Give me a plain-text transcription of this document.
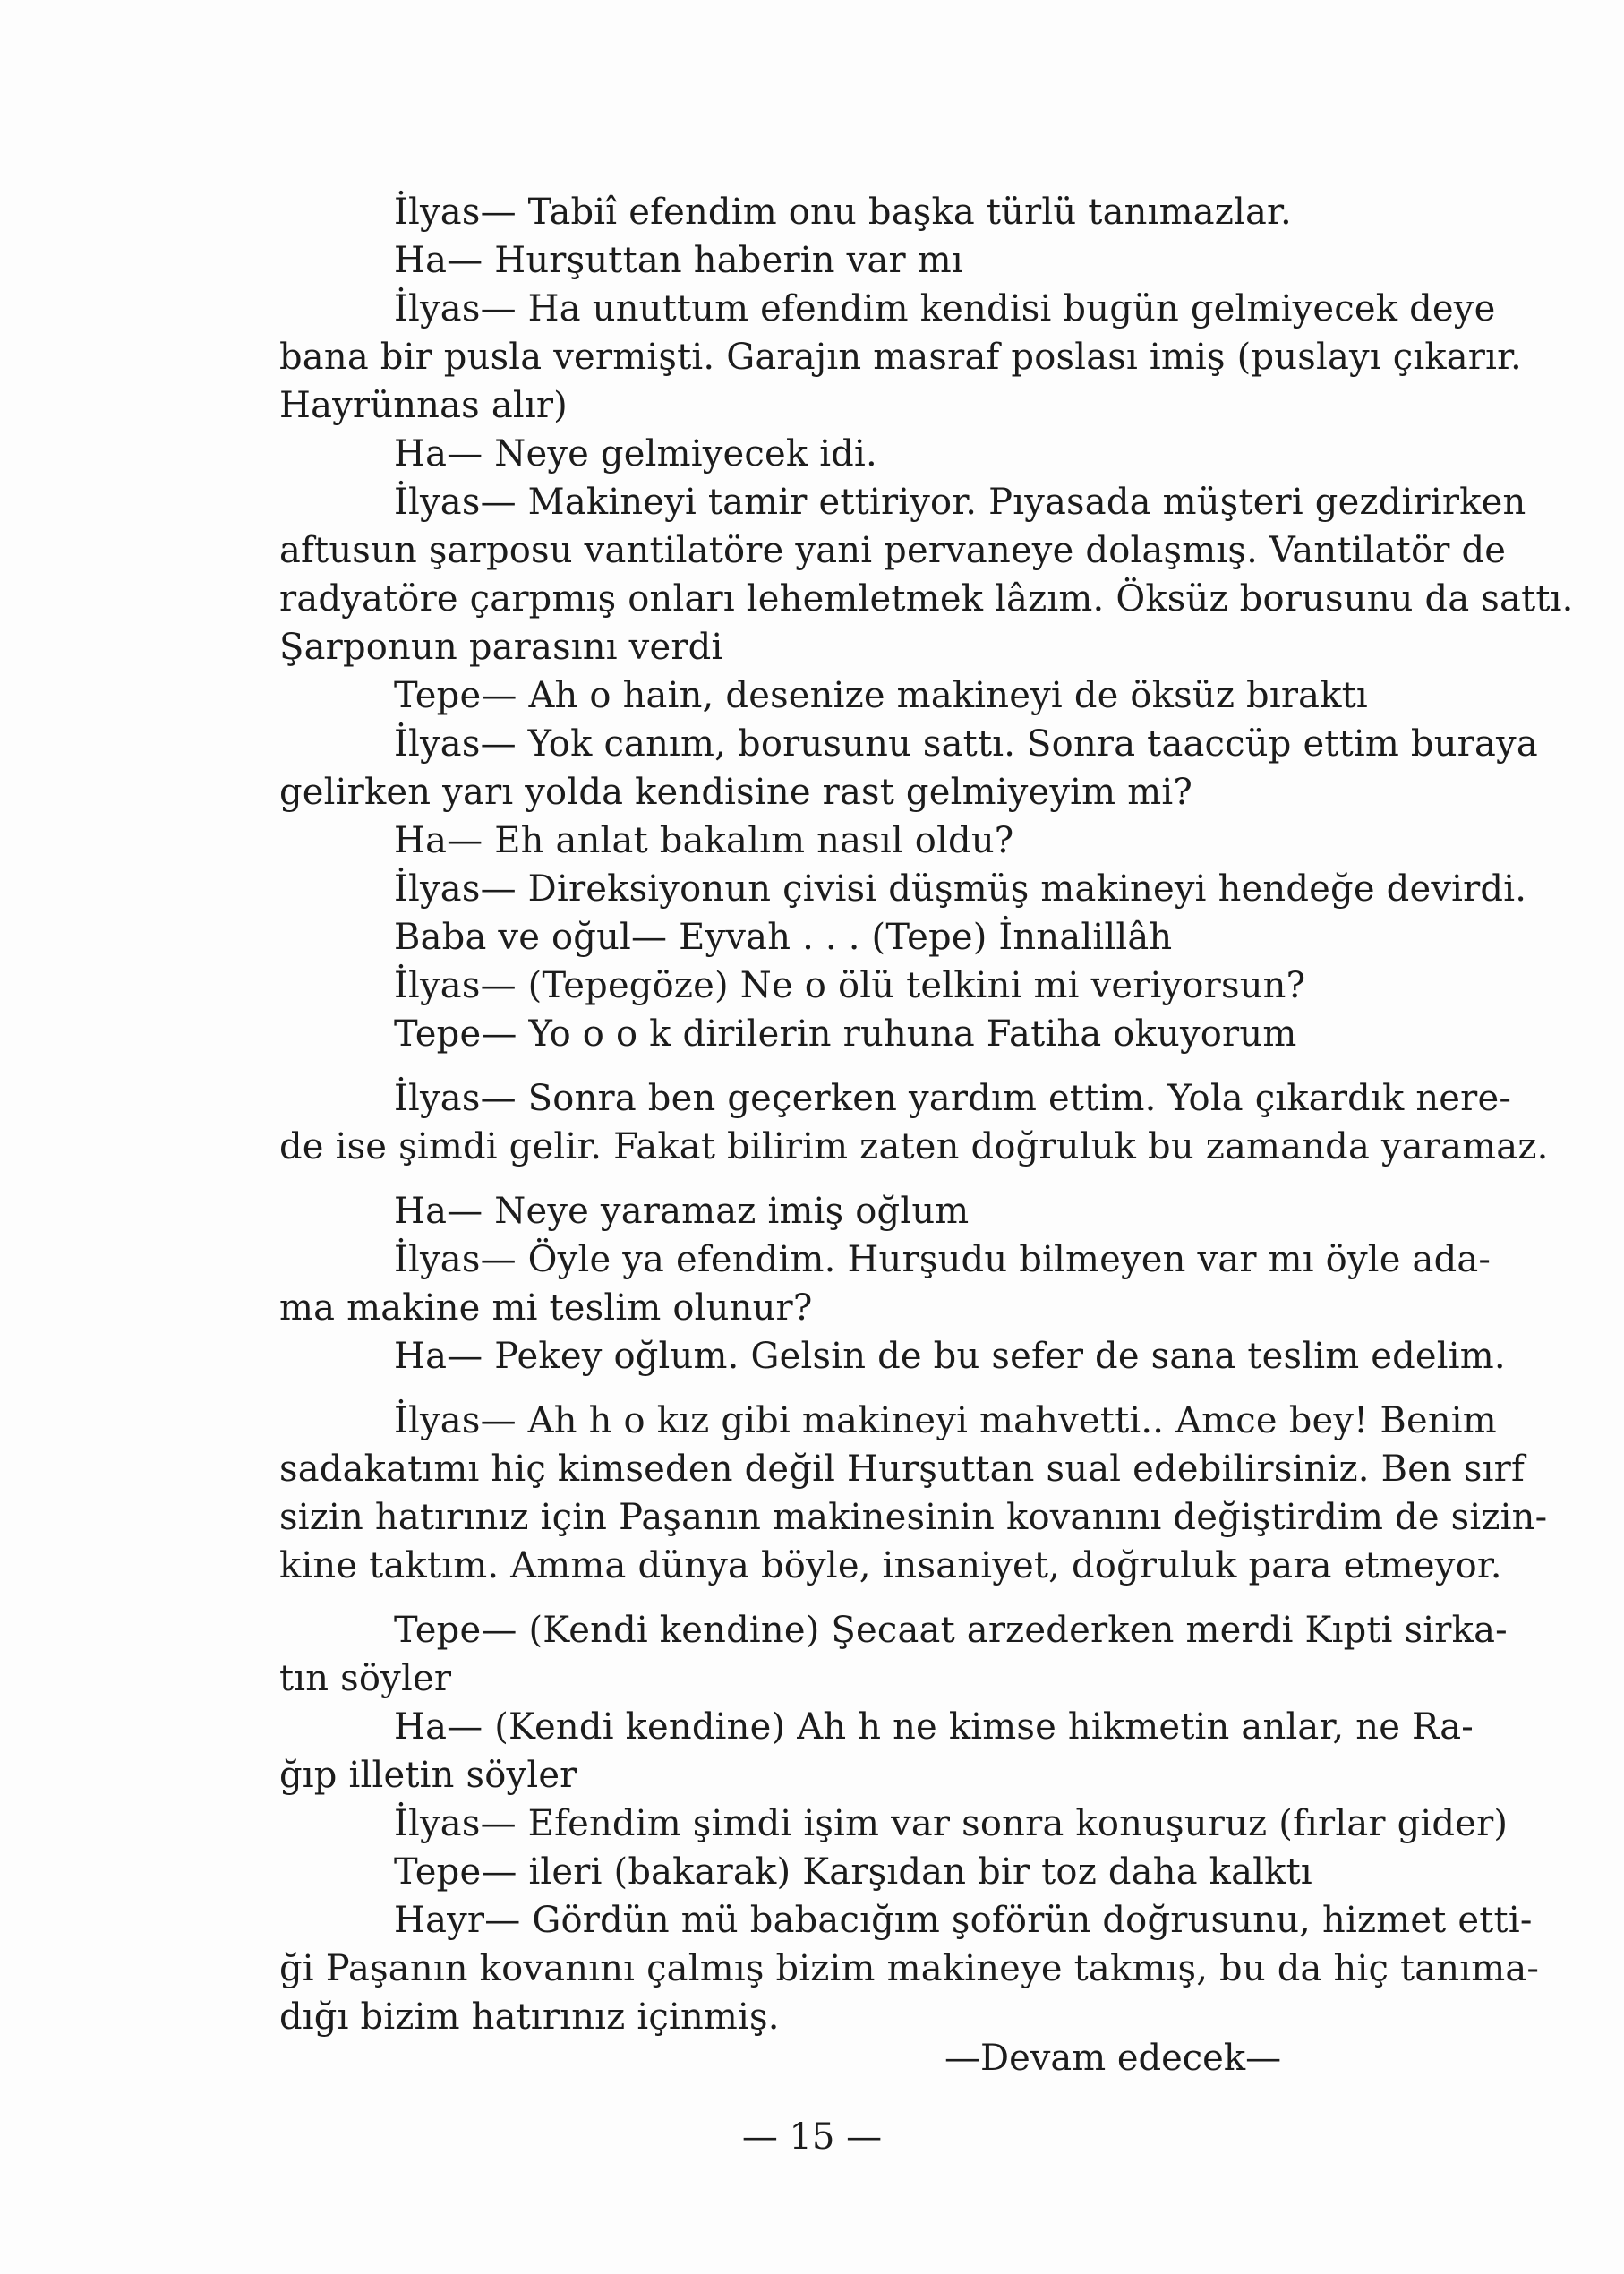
İlyas— Tabiî efendim onu başka türlü tanımazlar.
Ha— Hurşuttan haberin var mı
İlyas— Ha unuttum efendim kendisi bugün gelmiyecek deye
bana bir pusla vermişti. Garajın masraf poslası imiş (puslayı çıkarır.
Hayrünnas alır)
Ha— Neye gelmiyecek idi.
İlyas— Makineyi tamir ettiriyor. Pıyasada müşteri gezdirirken
aftusun şarposu vantilatöre yani pervaneye dolaşmış. Vantilatör de
radyatöre çarpmış onları lehemletmek lâzım. Öksüz borusunu da sattı.
Şarponun parasını verdi
Tepe— Ah o hain, desenize makineyi de öksüz bıraktı
İlyas— Yok canım, borusunu sattı. Sonra taaccüp ettim buraya
gelirken yarı yolda kendisine rast gelmiyeyim mi?
Ha— Eh anlat bakalım nasıl oldu?
İlyas— Direksiyonun çivisi düşmüş makineyi hendeğe devirdi.
Baba ve oğul— Eyvah . . . (Tepe) İnnalillâh
İlyas— (Tepegöze) Ne o ölü telkini mi veriyorsun?
Tepe— Yo o o k dirilerin ruhuna Fatiha okuyorum
İlyas— Sonra ben geçerken yardım ettim. Yola çıkardık nere-
de ise şimdi gelir. Fakat bilirim zaten doğruluk bu zamanda yaramaz.
Ha— Neye yaramaz imiş oğlum
İlyas— Öyle ya efendim. Hurşudu bilmeyen var mı öyle ada-
ma makine mi teslim olunur?
Ha— Pekey oğlum. Gelsin de bu sefer de sana teslim edelim.
İlyas— Ah h o kız gibi makineyi mahvetti.. Amce bey! Benim
sadakatımı hiç kimseden değil Hurşuttan sual edebilirsiniz. Ben sırf
sizin hatırınız için Paşanın makinesinin kovanını değiştirdim de sizin-
kine taktım. Amma dünya böyle, insaniyet, doğruluk para etmeyor.
Tepe— (Kendi kendine) Şecaat arzederken merdi Kıpti sirka-
tın söyler
Ha— (Kendi kendine) Ah h ne kimse hikmetin anlar, ne Ra-
ğıp illetin söyler
İlyas— Efendim şimdi işim var sonra konuşuruz (fırlar gider)
Tepe— ileri (bakarak) Karşıdan bir toz daha kalktı
Hayr— Gördün mü babacığım şoförün doğrusunu, hizmet etti-
ği Paşanın kovanını çalmış bizim makineye takmış, bu da hiç tanıma-
dığı bizim hatırınız içinmiş.
—Devam edecek—
— 15 —
